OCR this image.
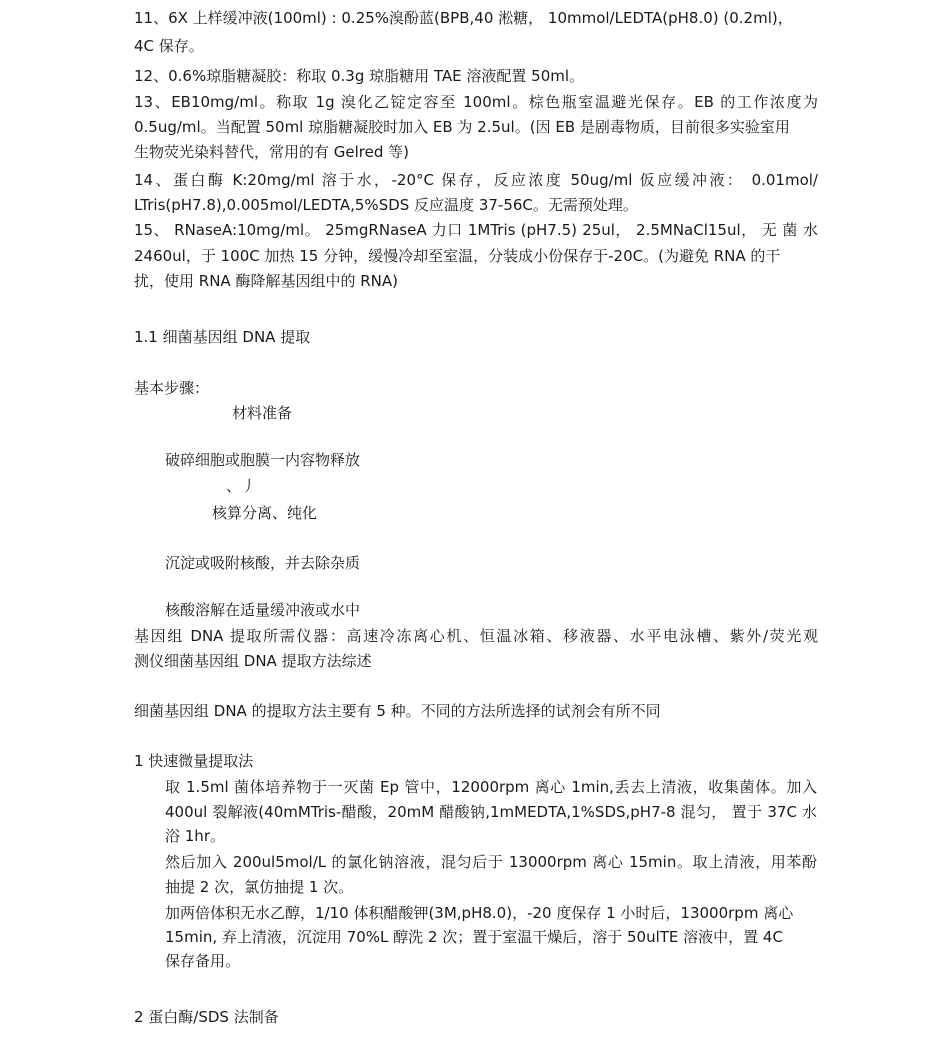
11、6X 上样缓冲液(100ml) : 0.25%溴酚蓝(BPB,40 淞糖， 10mmol/LEDTA(pH8.0) (0.2ml)，
4C 保存。
12、0.6%琼脂糖凝胶：称取 0.3g 琼脂糖用 TAE 溶液配置 50ml。
13、EB10mg/ml。称取 1g 溴化乙锭定容至 100ml。棕色瓶室温避光保存。EB 的工作浓度为
0.5ug/ml。当配置 50ml 琼脂糖凝胶时加入 EB 为 2.5ul。(因 EB 是剧毒物质，目前很多实验室用
生物荧光染料替代，常用的有 Gelred 等)
14、蛋白酶 K:20mg/ml 溶于水，-20°C 保存，反应浓度 50ug/ml 仮应缓冲液： 0.01mol/
LTris(pH7.8),0.005mol/LEDTA,5%SDS 反应温度 37-56C。无需预处理。
15、 RNaseA:10mg/ml。 25mgRNaseA 力口 1MTris (pH7.5) 25ul， 2.5MNaCl15ul， 无 菌 水
2460ul，于 100C 加热 15 分钟，缓慢冷却至室温，分装成小份保存于-20C。(为避免 RNA 的干
扰，使用 RNA 酶降解基因组中的 RNA)
1.1 细菌基因组 DNA 提取
基本步骤：
材料准备
破碎细胞或胞膜一内容物释放
、丿
核算分离、纯化
沉淀或吸附核酸，并去除杂质
核酸溶解在适量缓冲液或水中
基因组 DNA 提取所需仪器：高速冷冻离心机、恒温冰箱、移液器、水平电泳槽、紫外/荧光观
测仪细菌基因组 DNA 提取方法综述
细菌基因组 DNA 的提取方法主要有 5 种。不同的方法所选择的试剂会有所不同
1 快速微量提取法
取 1.5ml 菌体培养物于一灭菌 Ep 管中，12000rpm 离心 1min,丢去上清液，收集菌体。加入
400ul 裂解液(40mMTris-醋酸，20mM 醋酸钠,1mMEDTA,1%SDS,pH7-8 混匀， 置于 37C 水
浴 1hr。
然后加入 200ul5mol/L 的氯化钠溶液，混匀后于 13000rpm 离心 15min。取上清液，用苯酚
抽提 2 次，氯仿抽提 1 次。
加两倍体积无水乙醇，1/10 体积醋酸钾(3M,pH8.0)，-20 度保存 1 小时后，13000rpm 离心
15min, 弃上清液，沉淀用 70%L 醇洗 2 次；置于室温干燥后，溶于 50ulTE 溶液中，置 4C
保存备用。
2 蛋白酶/SDS 法制备
